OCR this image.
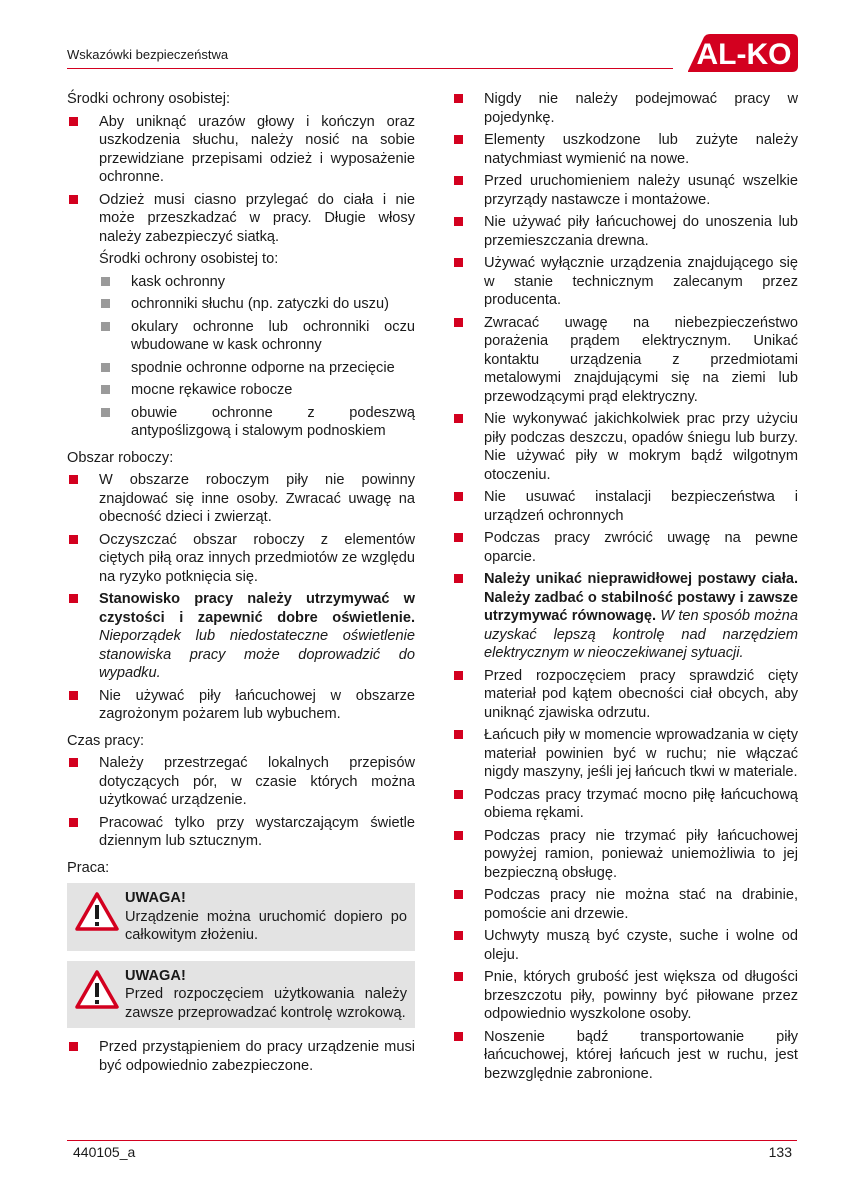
Wskazówki bezpieczeństwa	AL-KO

Środki ochrony osobistej:

Aby uniknąć urazów głowy i kończyn oraz uszkodzenia słuchu, należy nosić na sobie przewidziane przepisami odzież i wyposażenie ochronne.
Odzież musi ciasno przylegać do ciała i nie może przeszkadzać w pracy. Długie włosy należy zabezpieczyć siatką.

Środki ochrony osobistej to:

kask ochronny
ochronniki słuchu (np. zatyczki do uszu)
okulary ochronne lub ochronniki oczu wbudowane w kask ochronny
spodnie ochronne odporne na przecięcie
mocne rękawice robocze
obuwie ochronne z podeszwą antypoślizgową i stalowym podnoskiem

Obszar roboczy:

W obszarze roboczym piły nie powinny znajdować się inne osoby. Zwracać uwagę na obecność dzieci i zwierząt.
Oczyszczać obszar roboczy z elementów ciętych piłą oraz innych przedmiotów ze względu na ryzyko potknięcia się.
Stanowisko pracy należy utrzymywać w czystości i zapewnić dobre oświetlenie. Nieporządek lub niedostateczne oświetlenie stanowiska pracy może doprowadzić do wypadku.
Nie używać piły łańcuchowej w obszarze zagrożonym pożarem lub wybuchem.

Czas pracy:

Należy przestrzegać lokalnych przepisów dotyczących pór, w czasie których można użytkować urządzenie.
Pracować tylko przy wystarczającym świetle dziennym lub sztucznym.

Praca:

UWAGA!
Urządzenie można uruchomić dopiero po całkowitym złożeniu.
UWAGA!
Przed rozpoczęciem użytkowania należy zawsze przeprowadzać kontrolę wzrokową.
Przed przystąpieniem do pracy urządzenie musi być odpowiednio zabezpieczone.
Nigdy nie należy podejmować pracy w pojedynkę.
Elementy uszkodzone lub zużyte należy natychmiast wymienić na nowe.
Przed uruchomieniem należy usunąć wszelkie przyrządy nastawcze i montażowe.
Nie używać piły łańcuchowej do unoszenia lub przemieszczania drewna.
Używać wyłącznie urządzenia znajdującego się w stanie technicznym zalecanym przez producenta.
Zwracać uwagę na niebezpieczeństwo porażenia prądem elektrycznym. Unikać kontaktu urządzenia z przedmiotami metalowymi znajdującymi się na ziemi lub przewodzącymi prąd elektryczny.
Nie wykonywać jakichkolwiek prac przy użyciu piły podczas deszczu, opadów śniegu lub burzy. Nie używać piły w mokrym bądź wilgotnym otoczeniu.
Nie usuwać instalacji bezpieczeństwa i urządzeń ochronnych
Podczas pracy zwrócić uwagę na pewne oparcie.
Należy unikać nieprawidłowej postawy ciała. Należy zadbać o stabilność postawy i zawsze utrzymywać równowagę. W ten sposób można uzyskać lepszą kontrolę nad narzędziem elektrycznym w nieoczekiwanej sytuacji.
Przed rozpoczęciem pracy sprawdzić cięty materiał pod kątem obecności ciał obcych, aby uniknąć zjawiska odrzutu.
Łańcuch piły w momencie wprowadzania w cięty materiał powinien być w ruchu; nie włączać nigdy maszyny, jeśli jej łańcuch tkwi w materiale.
Podczas pracy trzymać mocno piłę łańcuchową obiema rękami.
Podczas pracy nie trzymać piły łańcuchowej powyżej ramion, ponieważ uniemożliwia to jej bezpieczną obsługę.
Podczas pracy nie można stać na drabinie, pomoście ani drzewie.
Uchwyty muszą być czyste, suche i wolne od oleju.
Pnie, których grubość jest większa od długości brzeszczotu piły, powinny być piłowane przez odpowiednio wyszkolone osoby.
Noszenie bądź transportowanie piły łańcuchowej, której łańcuch jest w ruchu, jest bezwzględnie zabronione.
440105_a	133
